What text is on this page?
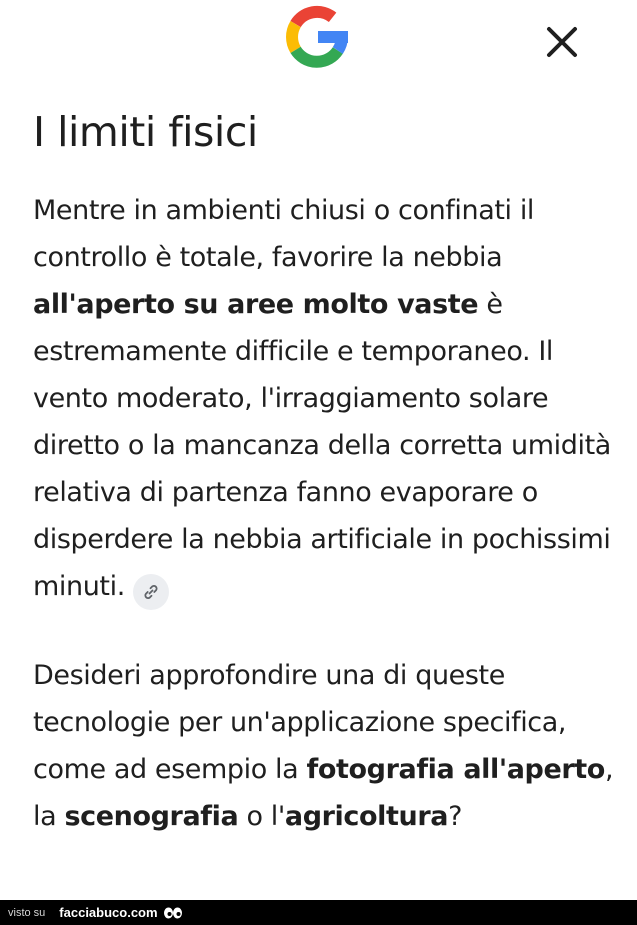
I limiti fisici

Mentre in ambienti chiusi o confinati il controllo è totale, favorire la nebbia all'aperto su aree molto vaste è estremamente difficile e temporaneo. Il vento moderato, l'irraggiamento solare diretto o la mancanza della corretta umidità relativa di partenza fanno evaporare o disperdere la nebbia artificiale in pochissimi minuti.

Desideri approfondire una di queste tecnologie per un'applicazione specifica, come ad esempio la fotografia all'aperto, la scenografia o l'agricoltura?

visto su facciabuco.com
